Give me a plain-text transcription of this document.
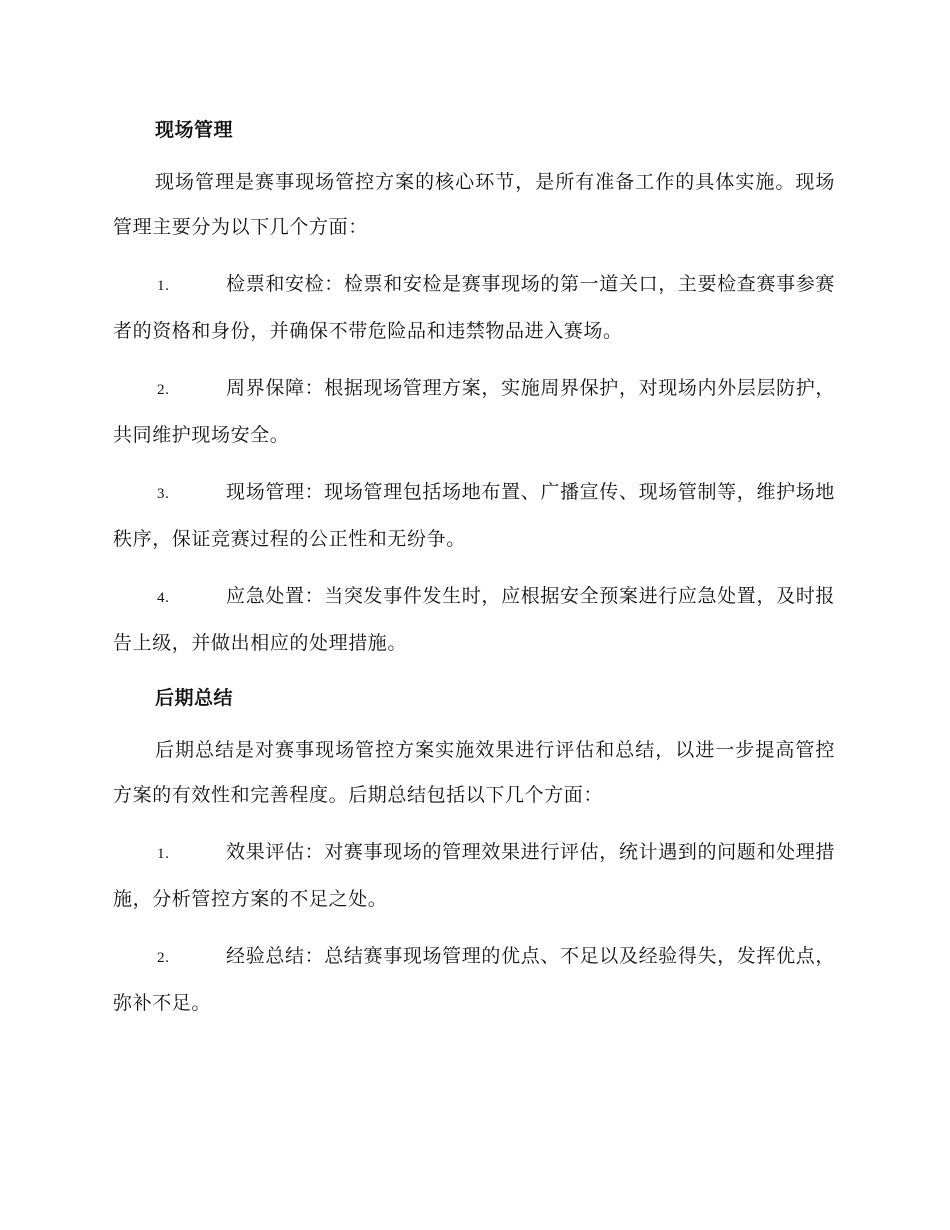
现场管理

现场管理是赛事现场管控方案的核心环节，是所有准备工作的具体实施。现场管理主要分为以下几个方面：

1.	检票和安检：检票和安检是赛事现场的第一道关口，主要检查赛事参赛者的资格和身份，并确保不带危险品和违禁物品进入赛场。

2.	周界保障：根据现场管理方案，实施周界保护，对现场内外层层防护，共同维护现场安全。

3.	现场管理：现场管理包括场地布置、广播宣传、现场管制等，维护场地秩序，保证竞赛过程的公正性和无纷争。

4.	应急处置：当突发事件发生时，应根据安全预案进行应急处置，及时报告上级，并做出相应的处理措施。

后期总结

后期总结是对赛事现场管控方案实施效果进行评估和总结，以进一步提高管控方案的有效性和完善程度。后期总结包括以下几个方面：

1.	效果评估：对赛事现场的管理效果进行评估，统计遇到的问题和处理措施，分析管控方案的不足之处。

2.	经验总结：总结赛事现场管理的优点、不足以及经验得失，发挥优点，弥补不足。
